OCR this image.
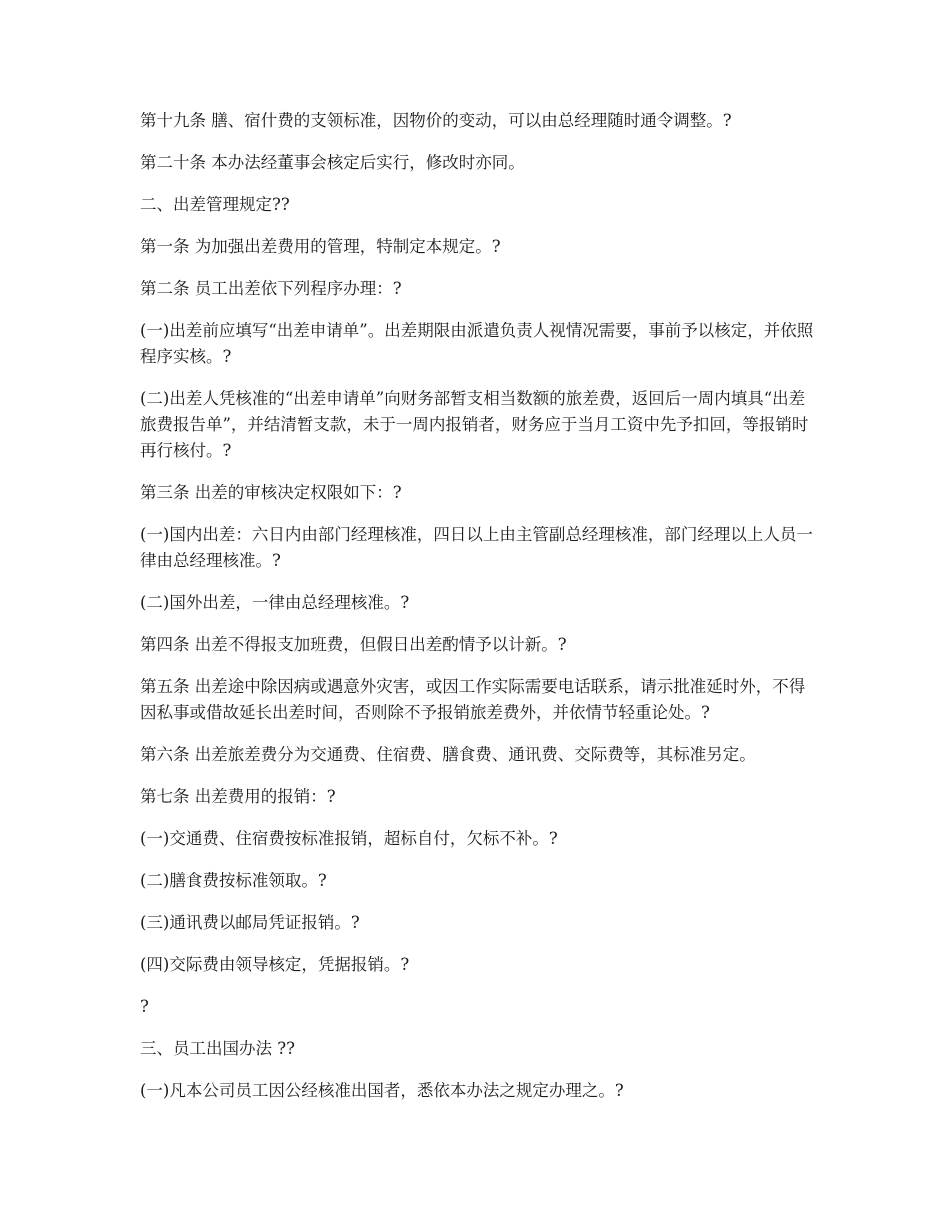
第十九条 膳、宿什费的支领标准，因物价的变动，可以由总经理随时通令调整。?

第二十条 本办法经董事会核定后实行，修改时亦同。

二、出差管理规定??

第一条 为加强出差费用的管理，特制定本规定。?

第二条 员工出差依下列程序办理：?

(一)出差前应填写“出差申请单”。出差期限由派遣负责人视情况需要，事前予以核定，并依照程序实核。?

(二)出差人凭核准的“出差申请单”向财务部暂支相当数额的旅差费，返回后一周内填具“出差旅费报告单”，并结清暂支款，未于一周内报销者，财务应于当月工资中先予扣回，等报销时再行核付。?

第三条 出差的审核决定权限如下：?

(一)国内出差：六日内由部门经理核准，四日以上由主管副总经理核准，部门经理以上人员一律由总经理核准。?

(二)国外出差，一律由总经理核准。?

第四条 出差不得报支加班费，但假日出差酌情予以计新。?

第五条 出差途中除因病或遇意外灾害，或因工作实际需要电话联系，请示批准延时外，不得因私事或借故延长出差时间，否则除不予报销旅差费外，并依情节轻重论处。?

第六条 出差旅差费分为交通费、住宿费、膳食费、通讯费、交际费等，其标准另定。

第七条 出差费用的报销：?

(一)交通费、住宿费按标准报销，超标自付，欠标不补。?

(二)膳食费按标准领取。?

(三)通讯费以邮局凭证报销。?

(四)交际费由领导核定，凭据报销。?

?

三、员工出国办法 ??

(一)凡本公司员工因公经核准出国者，悉依本办法之规定办理之。?
